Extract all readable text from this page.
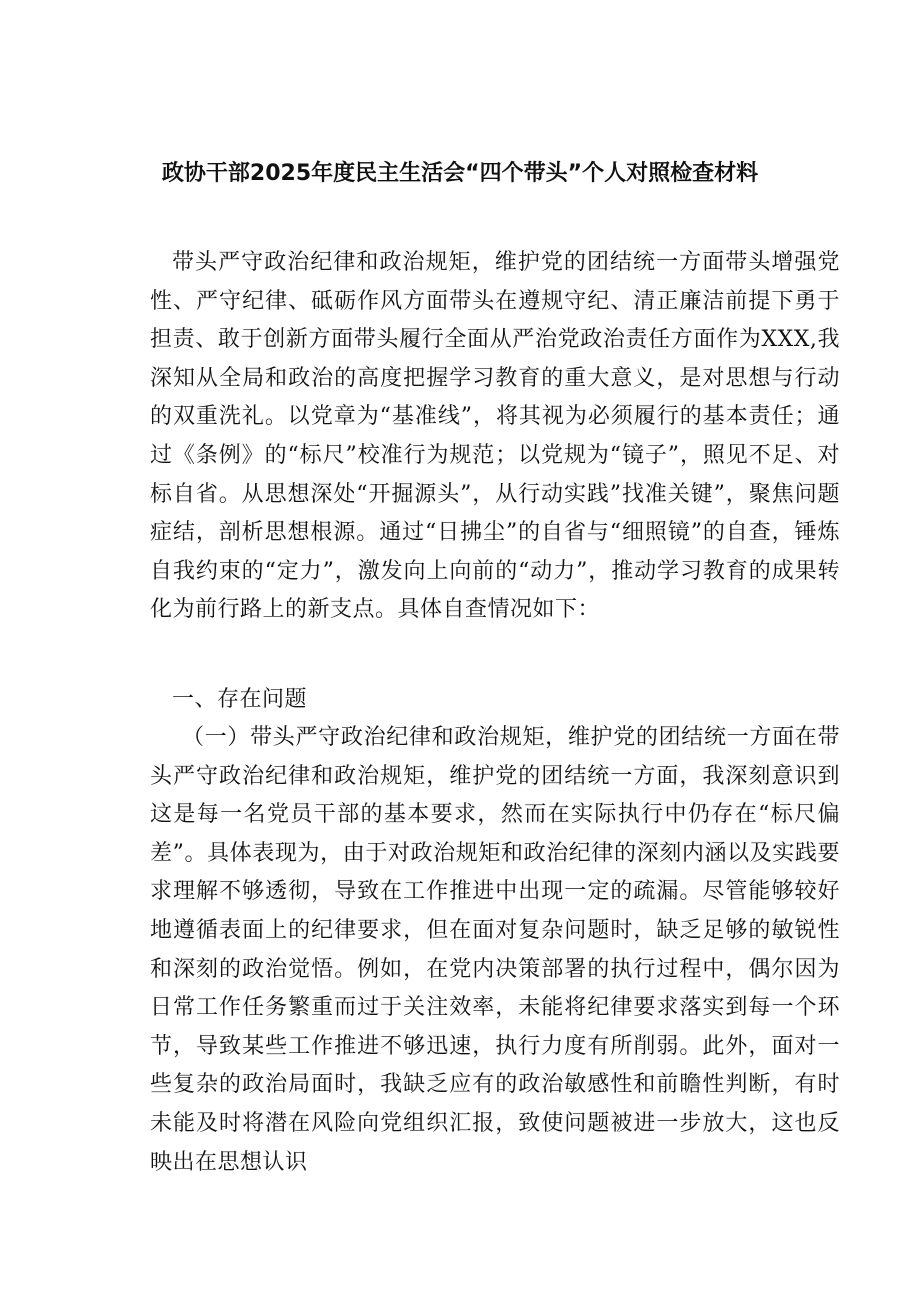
政协干部2025年度民主生活会“四个带头”个人对照检查材料

带头严守政治纪律和政治规矩，维护党的团结统一方面带头增强党性、严守纪律、砥砺作风方面带头在遵规守纪、清正廉洁前提下勇于担责、敢于创新方面带头履行全面从严治党政治责任方面作为XXX,我深知从全局和政治的高度把握学习教育的重大意义，是对思想与行动的双重洗礼。以党章为“基准线”，将其视为必须履行的基本责任；通过《条例》的“标尺”校准行为规范；以党规为“镜子”，照见不足、对标自省。从思想深处“开掘源头”，从行动实践”找准关键”，聚焦问题症结，剖析思想根源。通过“日拂尘”的自省与“细照镜”的自查，锤炼自我约束的“定力”，激发向上向前的“动力”，推动学习教育的成果转化为前行路上的新支点。具体自查情况如下：

一、存在问题

（一）带头严守政治纪律和政治规矩，维护党的团结统一方面在带头严守政治纪律和政治规矩，维护党的团结统一方面，我深刻意识到这是每一名党员干部的基本要求，然而在实际执行中仍存在“标尺偏差”。具体表现为，由于对政治规矩和政治纪律的深刻内涵以及实践要求理解不够透彻，导致在工作推进中出现一定的疏漏。尽管能够较好地遵循表面上的纪律要求，但在面对复杂问题时，缺乏足够的敏锐性和深刻的政治觉悟。例如，在党内决策部署的执行过程中，偶尔因为日常工作任务繁重而过于关注效率，未能将纪律要求落实到每一个环节，导致某些工作推进不够迅速，执行力度有所削弱。此外，面对一些复杂的政治局面时，我缺乏应有的政治敏感性和前瞻性判断，有时未能及时将潜在风险向党组织汇报，致使问题被进一步放大，这也反映出在思想认识
